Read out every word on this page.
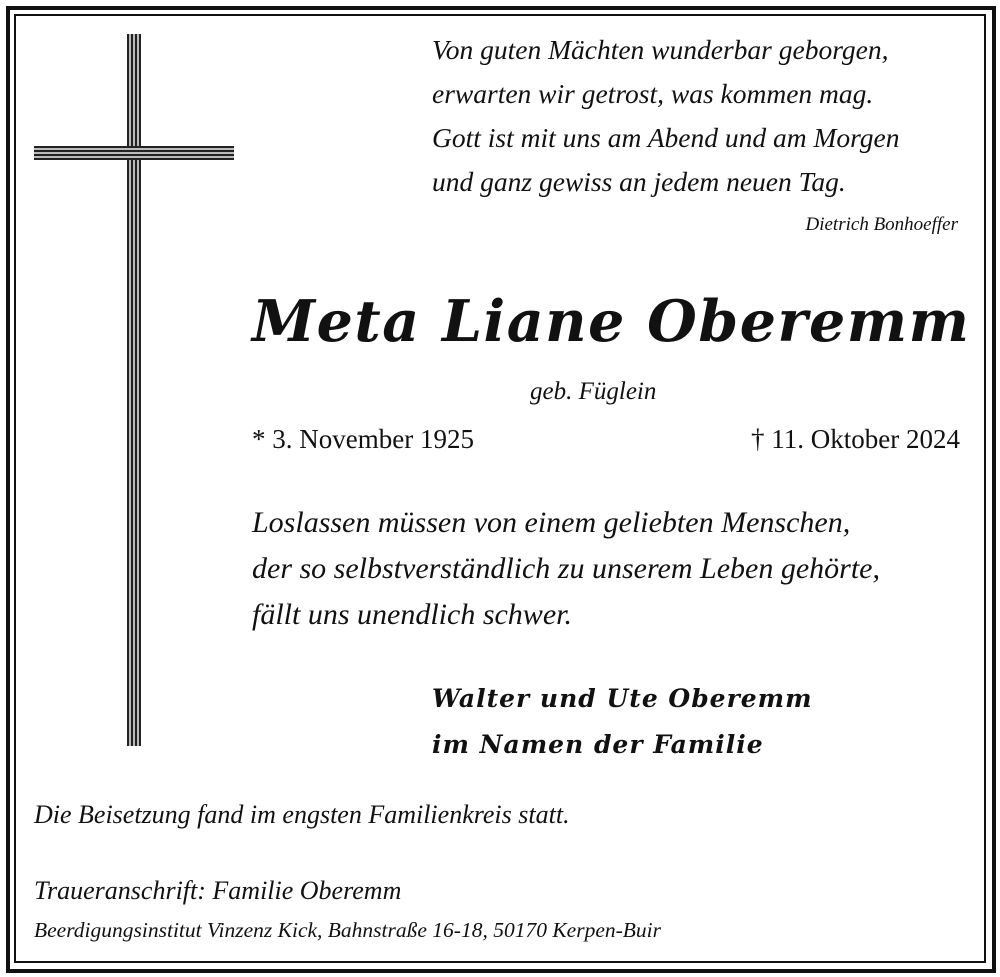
Von guten Mächten wunderbar geborgen,
erwarten wir getrost, was kommen mag.
Gott ist mit uns am Abend und am Morgen
und ganz gewiss an jedem neuen Tag.
Dietrich Bonhoeffer
Meta Liane Oberemm
geb. Füglein
* 3. November 1925	† 11. Oktober 2024
Loslassen müssen von einem geliebten Menschen,
der so selbstverständlich zu unserem Leben gehörte,
fällt uns unendlich schwer.
Walter und Ute Oberemm
im Namen der Familie
Die Beisetzung fand im engsten Familienkreis statt.
Traueranschrift: Familie Oberemm
Beerdigungsinstitut Vinzenz Kick, Bahnstraße 16-18, 50170 Kerpen-Buir
